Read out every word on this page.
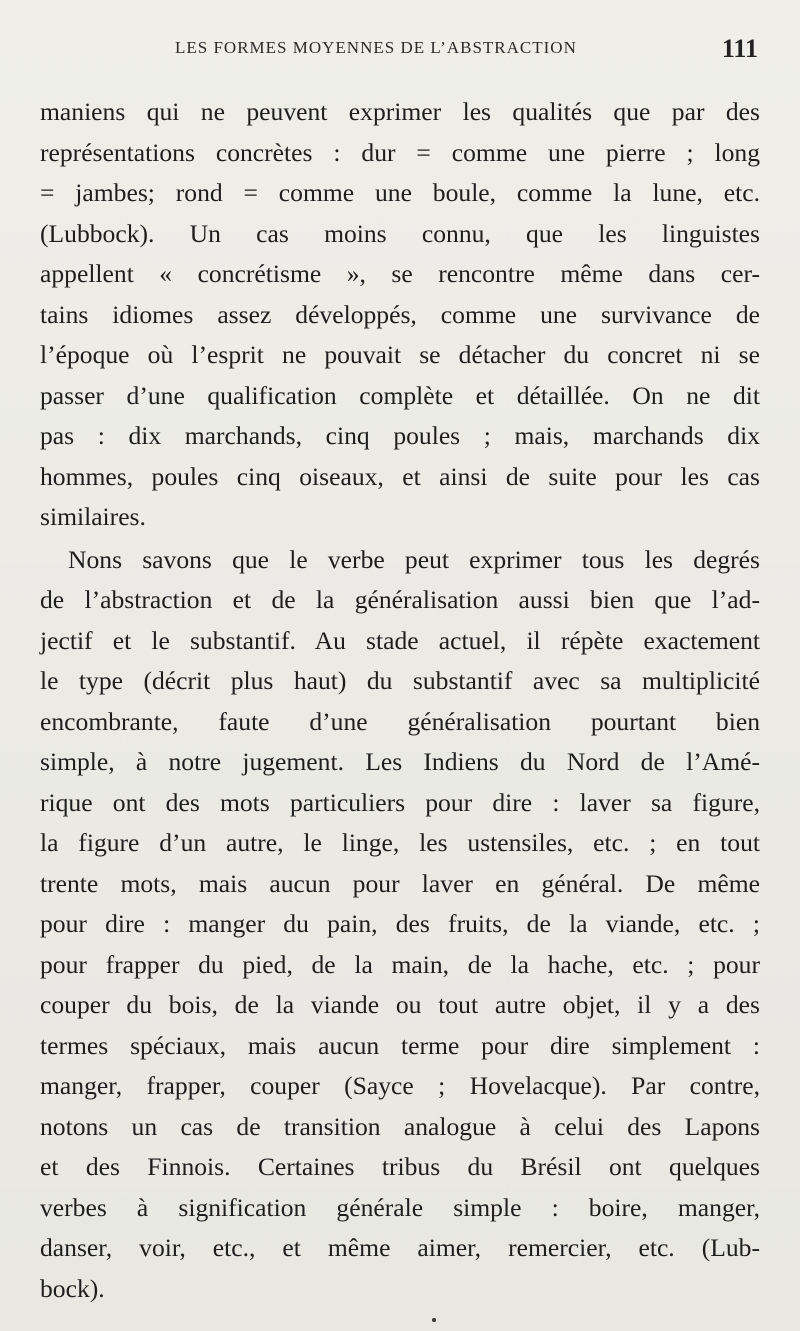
LES FORMES MOYENNES DE L’ABSTRACTION	111
maniens qui ne peuvent exprimer les qualités que par des
représentations concrètes : dur = comme une pierre ; long
= jambes; rond = comme une boule, comme la lune, etc.
(Lubbock). Un cas moins connu, que les linguistes
appellent « concrétisme », se rencontre même dans cer-
tains idiomes assez développés, comme une survivance de
l’époque où l’esprit ne pouvait se détacher du concret ni se
passer d’une qualification complète et détaillée. On ne dit
pas : dix marchands, cinq poules ; mais, marchands dix
hommes, poules cinq oiseaux, et ainsi de suite pour les cas
similaires.
Nons savons que le verbe peut exprimer tous les degrés
de l’abstraction et de la généralisation aussi bien que l’ad-
jectif et le substantif. Au stade actuel, il répète exactement
le type (décrit plus haut) du substantif avec sa multiplicité
encombrante, faute d’une généralisation pourtant bien
simple, à notre jugement. Les Indiens du Nord de l’Amé-
rique ont des mots particuliers pour dire : laver sa figure,
la figure d’un autre, le linge, les ustensiles, etc. ; en tout
trente mots, mais aucun pour laver en général. De même
pour dire : manger du pain, des fruits, de la viande, etc. ;
pour frapper du pied, de la main, de la hache, etc. ; pour
couper du bois, de la viande ou tout autre objet, il y a des
termes spéciaux, mais aucun terme pour dire simplement :
manger, frapper, couper (Sayce ; Hovelacque). Par contre,
notons un cas de transition analogue à celui des Lapons
et des Finnois. Certaines tribus du Brésil ont quelques
verbes à signification générale simple : boire, manger,
danser, voir, etc., et même aimer, remercier, etc. (Lub-
bock).
